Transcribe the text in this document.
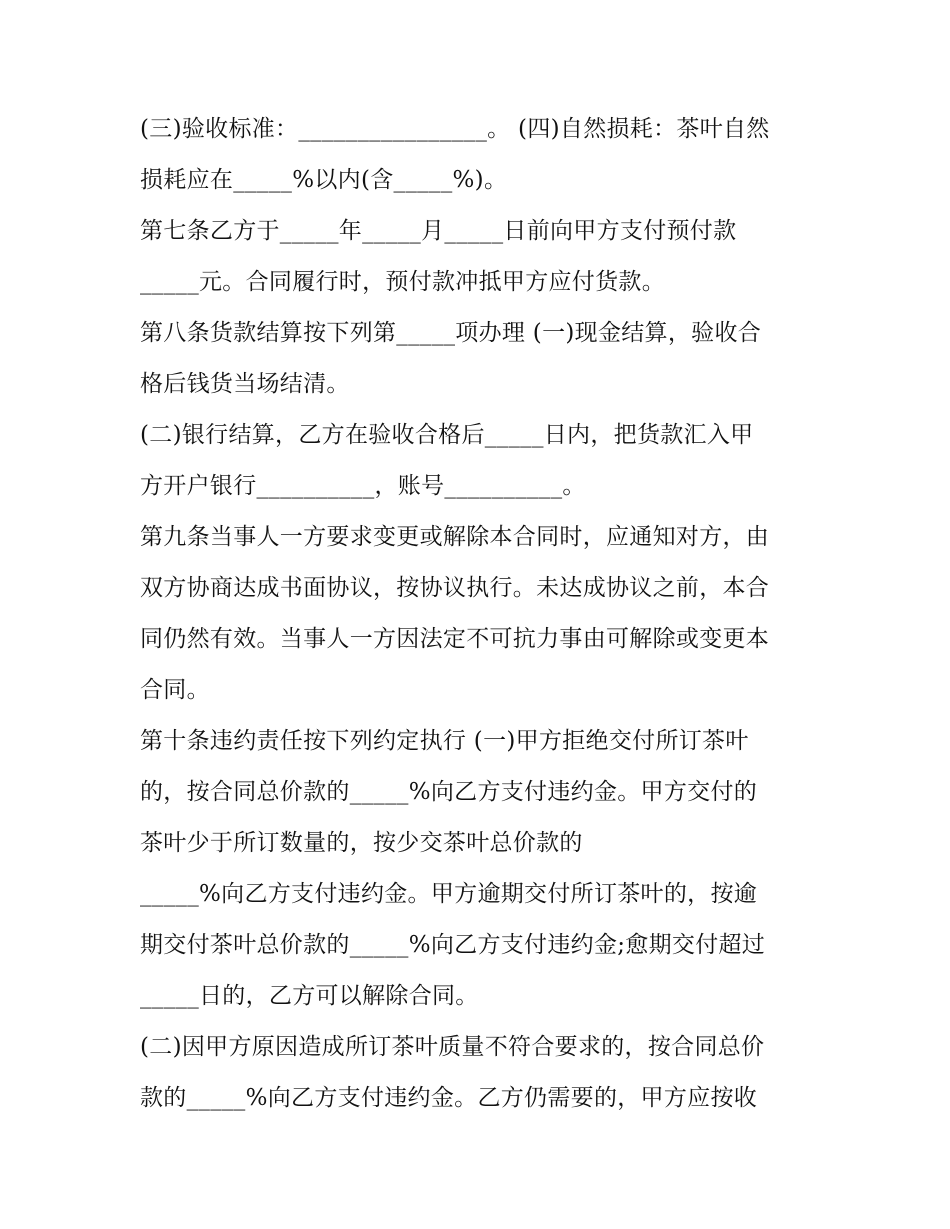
(三)验收标准：________________。 (四)自然损耗：茶叶自然
损耗应在_____%以内(含_____%)。
第七条乙方于_____年_____月_____日前向甲方支付预付款
_____元。合同履行时，预付款冲抵甲方应付货款。
第八条货款结算按下列第_____项办理 (一)现金结算，验收合
格后钱货当场结清。
(二)银行结算，乙方在验收合格后_____日内，把货款汇入甲
方开户银行__________，账号__________。
第九条当事人一方要求变更或解除本合同时，应通知对方，由
双方协商达成书面协议，按协议执行。未达成协议之前，本合
同仍然有效。当事人一方因法定不可抗力事由可解除或变更本
合同。
第十条违约责任按下列约定执行 (一)甲方拒绝交付所订茶叶
的，按合同总价款的_____%向乙方支付违约金。甲方交付的
茶叶少于所订数量的，按少交茶叶总价款的
_____%向乙方支付违约金。甲方逾期交付所订茶叶的，按逾
期交付茶叶总价款的_____%向乙方支付违约金;愈期交付超过
_____日的，乙方可以解除合同。
(二)因甲方原因造成所订茶叶质量不符合要求的，按合同总价
款的_____%向乙方支付违约金。乙方仍需要的，甲方应按收
